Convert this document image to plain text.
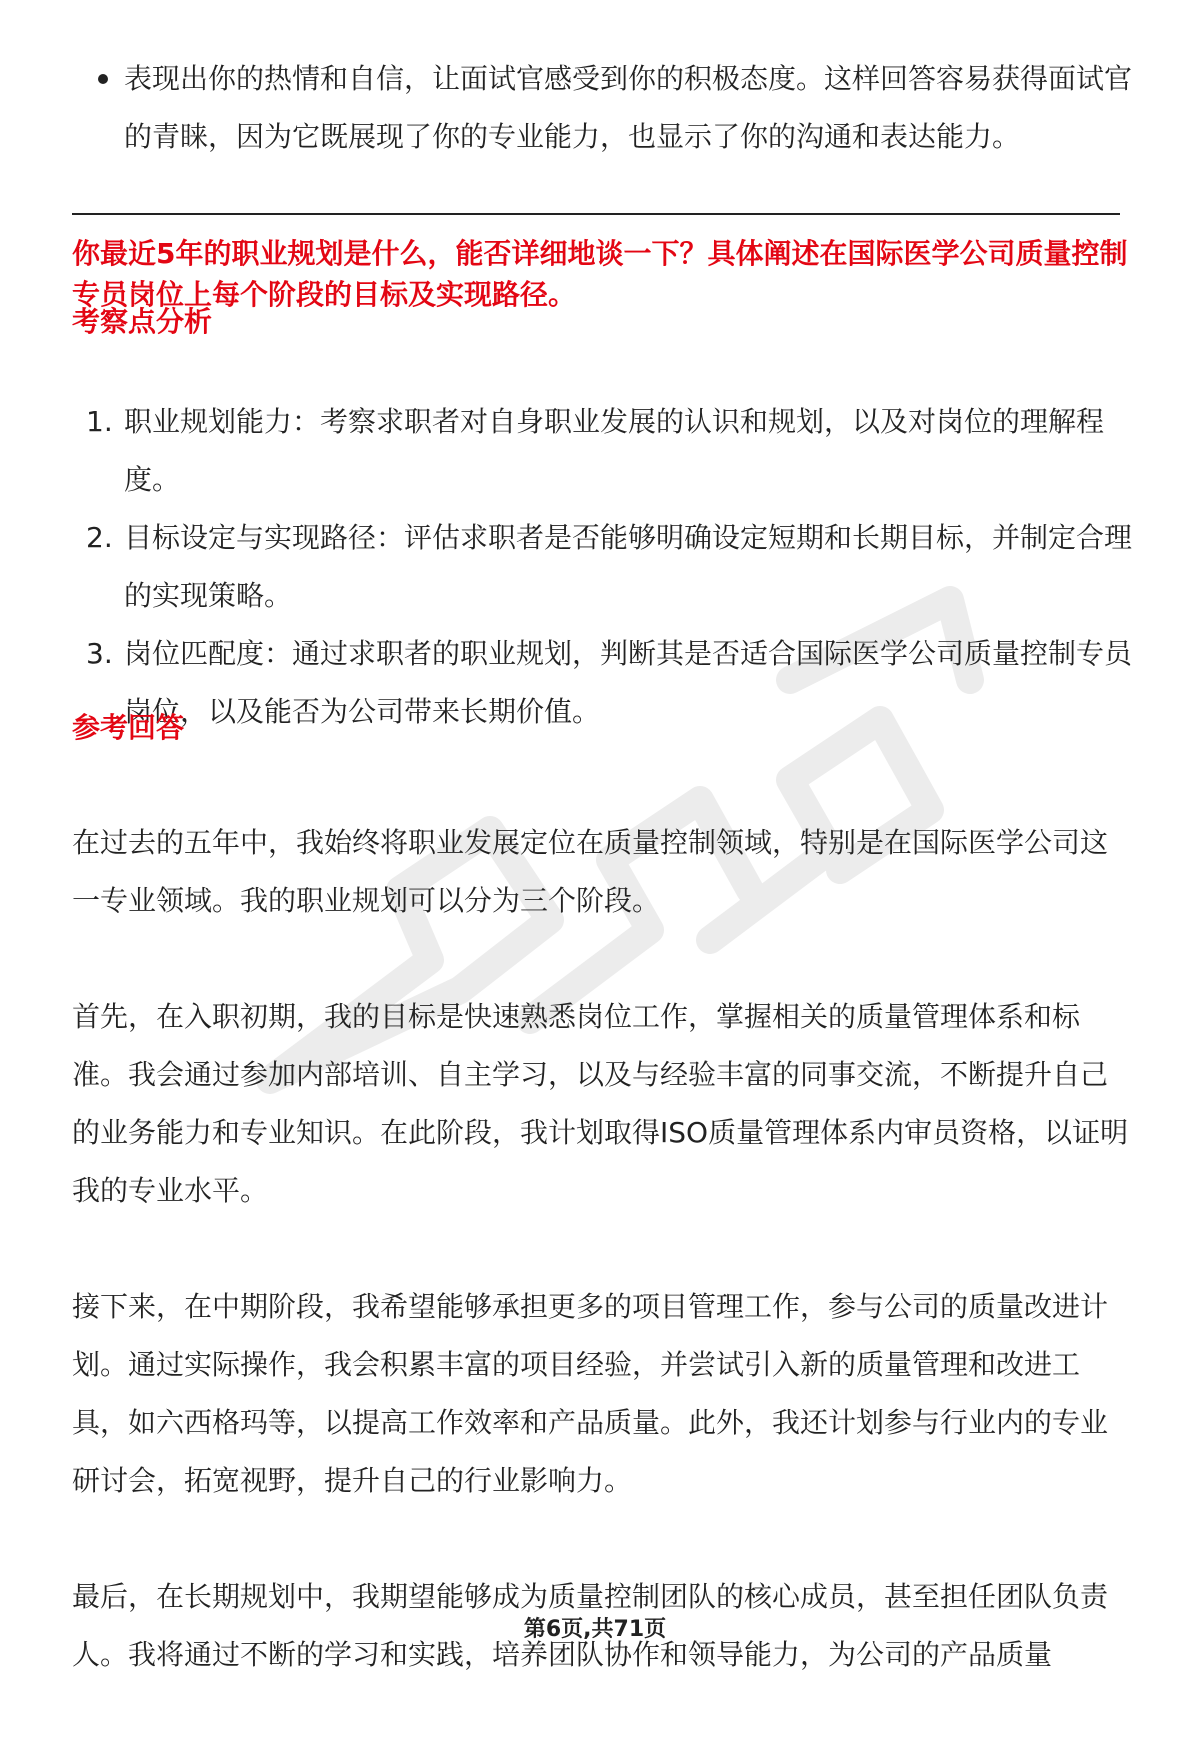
表现出你的热情和自信，让面试官感受到你的积极态度。这样回答容易获得面试官的青睐，因为它既展现了你的专业能力，也显示了你的沟通和表达能力。
你最近5年的职业规划是什么，能否详细地谈一下？具体阐述在国际医学公司质量控制专员岗位上每个阶段的目标及实现路径。
考察点分析
1. 职业规划能力：考察求职者对自身职业发展的认识和规划，以及对岗位的理解程度。
2. 目标设定与实现路径：评估求职者是否能够明确设定短期和长期目标，并制定合理的实现策略。
3. 岗位匹配度：通过求职者的职业规划，判断其是否适合国际医学公司质量控制专员岗位，以及能否为公司带来长期价值。
参考回答

在过去的五年中，我始终将职业发展定位在质量控制领域，特别是在国际医学公司这一专业领域。我的职业规划可以分为三个阶段。

首先，在入职初期，我的目标是快速熟悉岗位工作，掌握相关的质量管理体系和标准。我会通过参加内部培训、自主学习，以及与经验丰富的同事交流，不断提升自己的业务能力和专业知识。在此阶段，我计划取得ISO质量管理体系内审员资格，以证明我的专业水平。

接下来，在中期阶段，我希望能够承担更多的项目管理工作，参与公司的质量改进计划。通过实际操作，我会积累丰富的项目经验，并尝试引入新的质量管理和改进工具，如六西格玛等，以提高工作效率和产品质量。此外，我还计划参与行业内的专业研讨会，拓宽视野，提升自己的行业影响力。

最后，在长期规划中，我期望能够成为质量控制团队的核心成员，甚至担任团队负责人。我将通过不断的学习和实践，培养团队协作和领导能力，为公司的产品质量

第6页,共71页
